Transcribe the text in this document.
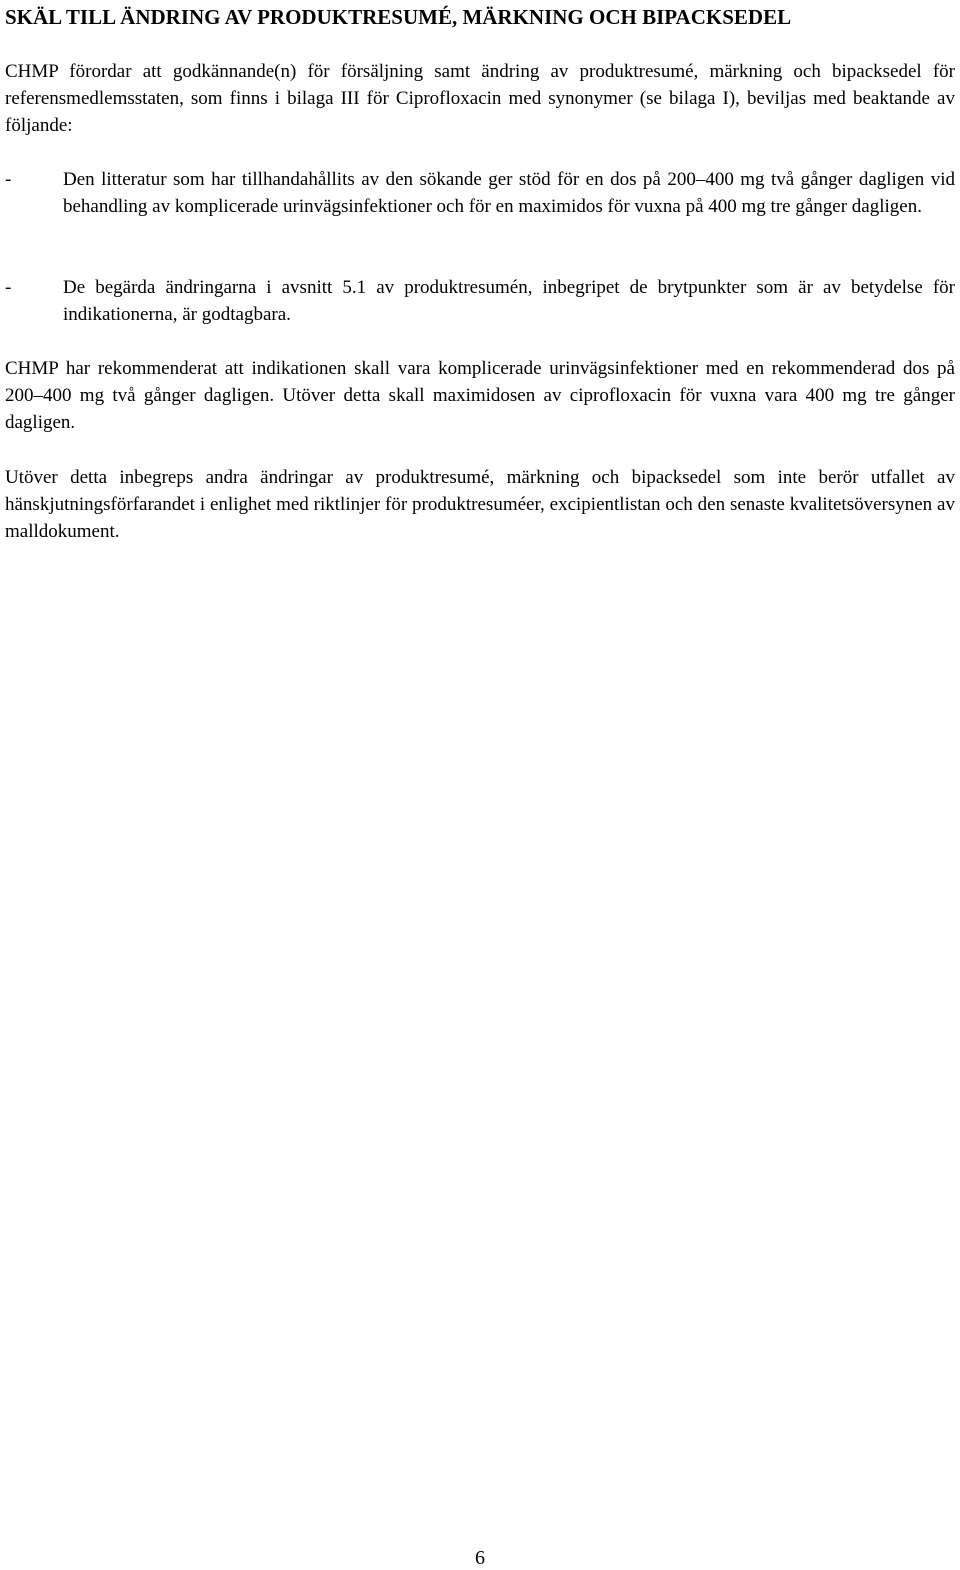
SKÄL TILL ÄNDRING AV PRODUKTRESUMÉ, MÄRKNING OCH BIPACKSEDEL

CHMP förordar att godkännande(n) för försäljning samt ändring av produktresumé, märkning och bipacksedel för referensmedlemsstaten, som finns i bilaga III för Ciprofloxacin med synonymer (se bilaga I), beviljas med beaktande av följande:

-	Den litteratur som har tillhandahållits av den sökande ger stöd för en dos på 200–400 mg två gånger dagligen vid behandling av komplicerade urinvägsinfektioner och för en maximidos för vuxna på 400 mg tre gånger dagligen.
-	De begärda ändringarna i avsnitt 5.1 av produktresumén, inbegripet de brytpunkter som är av betydelse för indikationerna, är godtagbara.

CHMP har rekommenderat att indikationen skall vara komplicerade urinvägsinfektioner med en rekommenderad dos på 200–400 mg två gånger dagligen. Utöver detta skall maximidosen av ciprofloxacin för vuxna vara 400 mg tre gånger dagligen.

Utöver detta inbegreps andra ändringar av produktresumé, märkning och bipacksedel som inte berör utfallet av hänskjutningsförfarandet i enlighet med riktlinjer för produktresuméer, excipientlistan och den senaste kvalitetsöversynen av malldokument.

6
